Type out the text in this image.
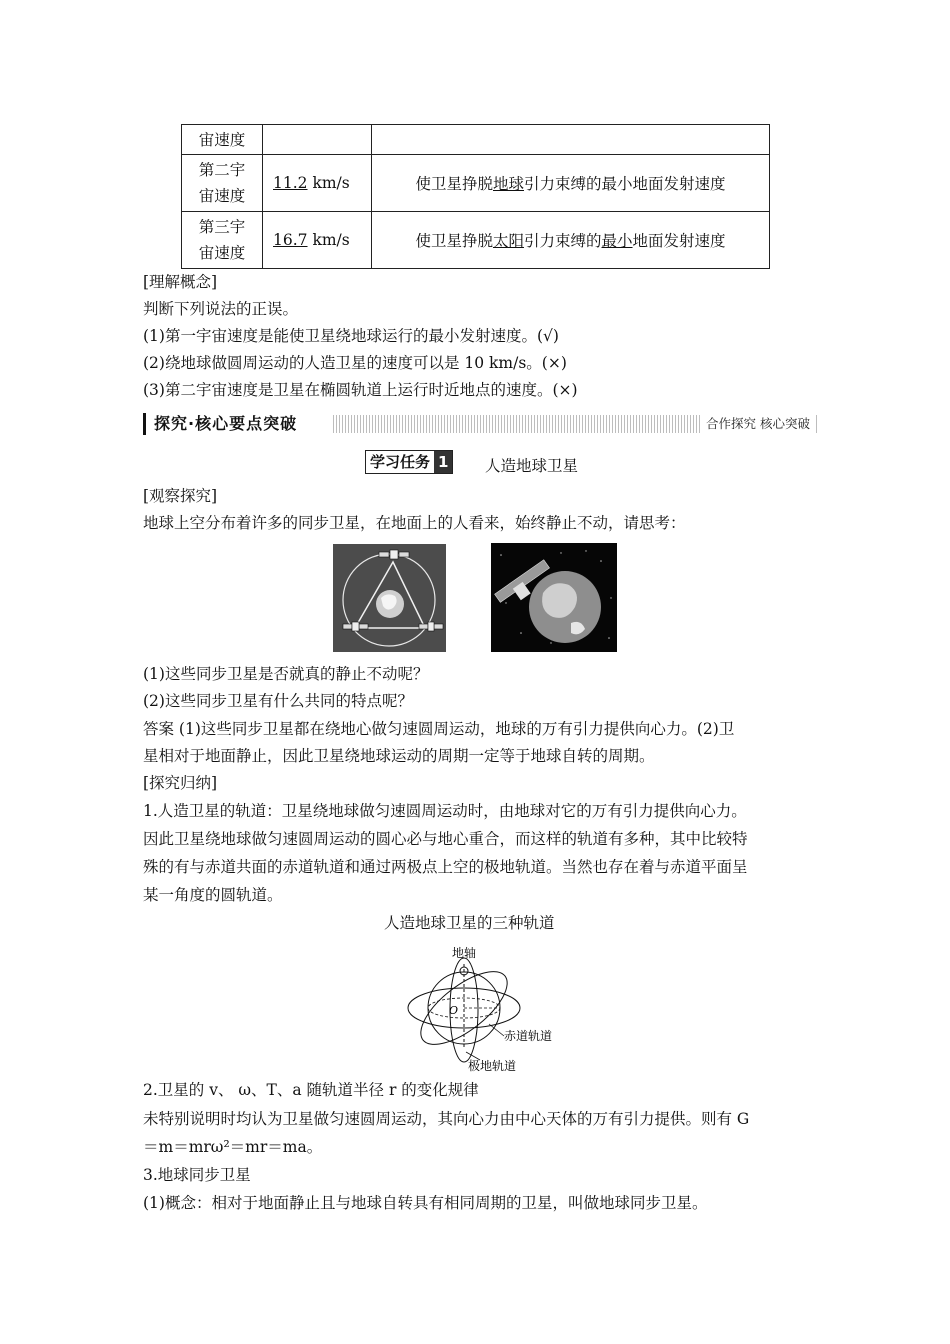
宙速度		

第二宇
宙速度	11.2 km/s	使卫星挣脱地球引力束缚的最小地面发射速度

第三宇
宙速度	16.7 km/s	使卫星挣脱太阳引力束缚的最小地面发射速度
[理解概念]
判断下列说法的正误。
(1)第一宇宙速度是能使卫星绕地球运行的最小发射速度。(√)
(2)绕地球做圆周运动的人造卫星的速度可以是 10 km/s。(×)
(3)第二宇宙速度是卫星在椭圆轨道上运行时近地点的速度。(×)
探究·核心要点突破	合作探究 核心突破
学习任务 1 人造地球卫星
[观察探究]
地球上空分布着许多的同步卫星，在地面上的人看来，始终静止不动，请思考：
(1)这些同步卫星是否就真的静止不动呢？
(2)这些同步卫星有什么共同的特点呢？
答案 (1)这些同步卫星都在绕地心做匀速圆周运动，地球的万有引力提供向心力。(2)卫
星相对于地面静止，因此卫星绕地球运动的周期一定等于地球自转的周期。
[探究归纳]
1.人造卫星的轨道：卫星绕地球做匀速圆周运动时，由地球对它的万有引力提供向心力。
因此卫星绕地球做匀速圆周运动的圆心必与地心重合，而这样的轨道有多种，其中比较特
殊的有与赤道共面的赤道轨道和通过两极点上空的极地轨道。当然也存在着与赤道平面呈
某一角度的圆轨道。
人造地球卫星的三种轨道
地轴
O
赤道轨道
极地轨道
2.卫星的 v、 ω、T、a 随轨道半径 r 的变化规律
未特别说明时均认为卫星做匀速圆周运动，其向心力由中心天体的万有引力提供。则有 G
＝m＝mrω²＝mr＝ma。
3.地球同步卫星
(1)概念：相对于地面静止且与地球自转具有相同周期的卫星，叫做地球同步卫星。
